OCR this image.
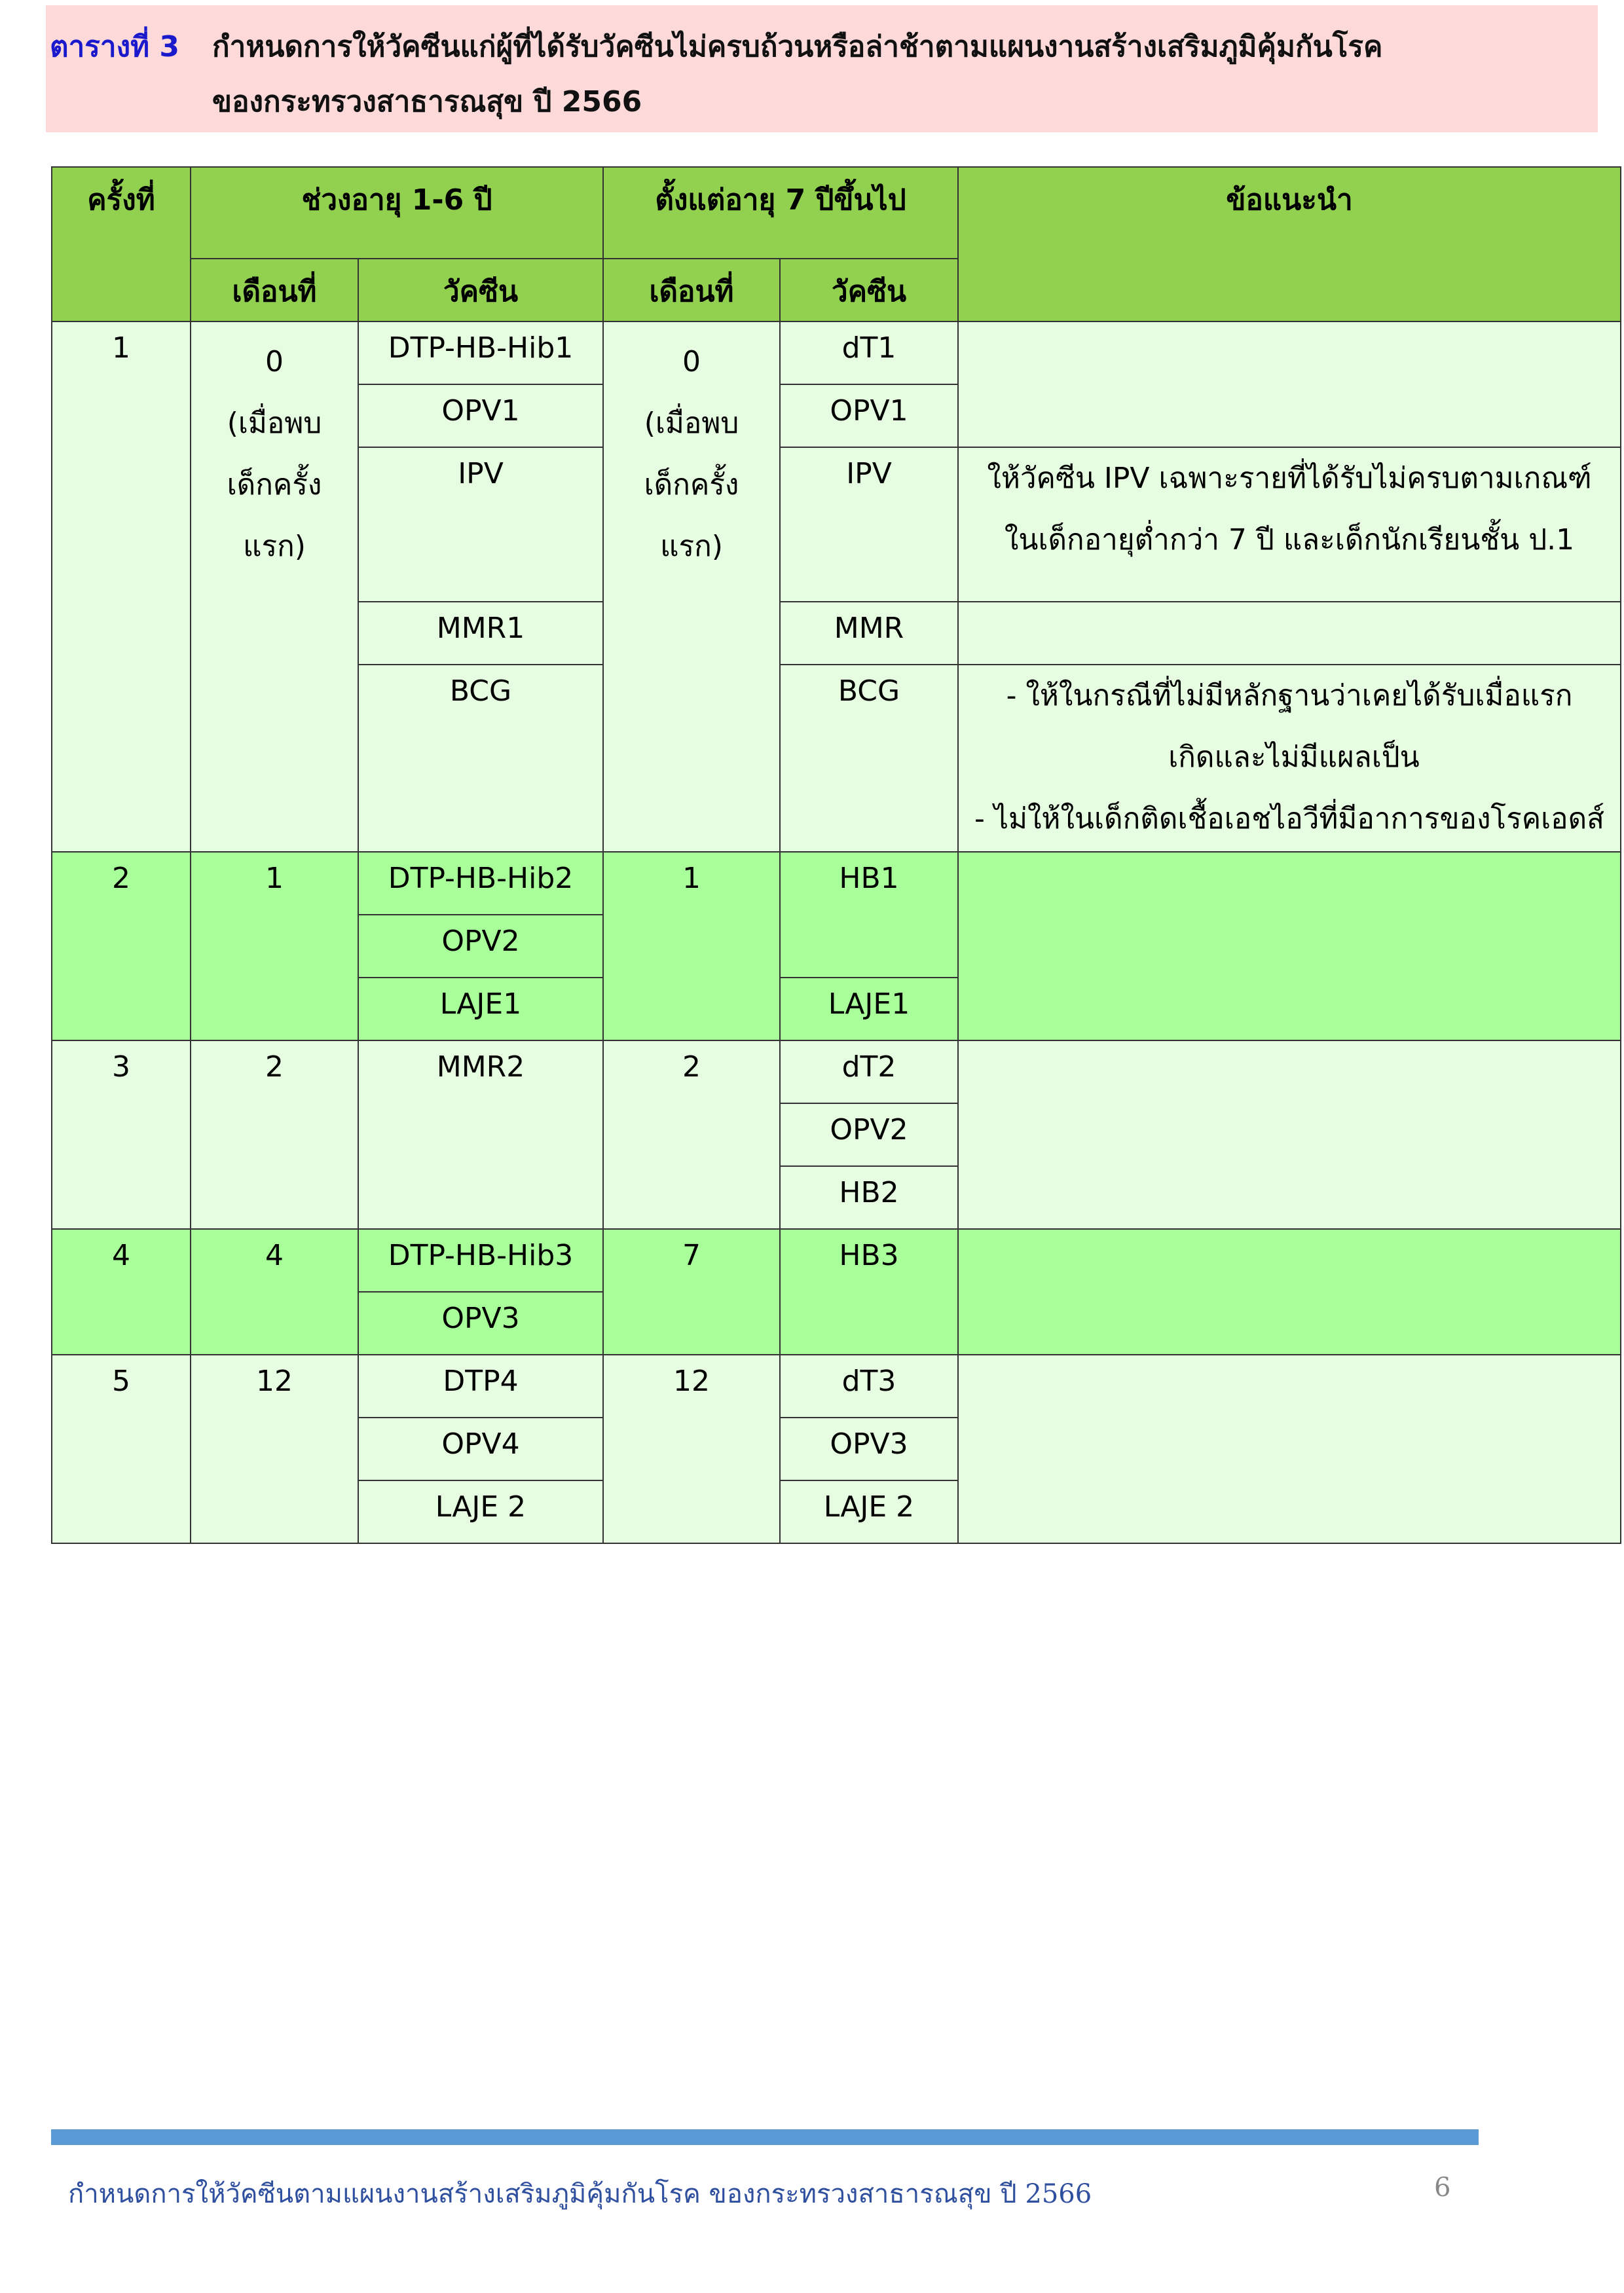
ตารางที่ 3	กำหนดการให้วัคซีนแก่ผู้ที่ได้รับวัคซีนไม่ครบถ้วนหรือล่าช้าตามแผนงานสร้างเสริมภูมิคุ้มกันโรค
ของกระทรวงสาธารณสุข ปี 2566
ครั้งที่	ช่วงอายุ 1-6 ปี		ตั้งแต่อายุ 7 ปีขึ้นไป		ข้อแนะนำ
	เดือนที่	วัคซีน	เดือนที่	วัคซีน	
1	0
(เมื่อพบ
เด็กครั้ง
แรก)	DTP-HB-Hib1	0
(เมื่อพบ
เด็กครั้ง
แรก)	dT1	
		OPV1		OPV1	
		IPV		IPV	ให้วัคซีน IPV เฉพาะรายที่ได้รับไม่ครบตามเกณฑ์
ในเด็กอายุต่ำกว่า 7 ปี และเด็กนักเรียนชั้น ป.1

		MMR1		MMR	
		BCG		BCG	- ให้ในกรณีที่ไม่มีหลักฐานว่าเคยได้รับเมื่อแรก
เกิดและไม่มีแผลเป็น
- ไม่ให้ในเด็กติดเชื้อเอชไอวีที่มีอาการของโรคเอดส์

2	1	DTP-HB-Hib2	1	HB1	
		OPV2			
		LAJE1		LAJE1	
3	2	MMR2	2	dT2	
				OPV2	
				HB2	
4	4	DTP-HB-Hib3	7	HB3	
		OPV3			
5	12	DTP4	12	dT3	
		OPV4		OPV3	
		LAJE 2		LAJE 2	
กำหนดการให้วัคซีนตามแผนงานสร้างเสริมภูมิคุ้มกันโรค ของกระทรวงสาธารณสุข ปี 2566	6
